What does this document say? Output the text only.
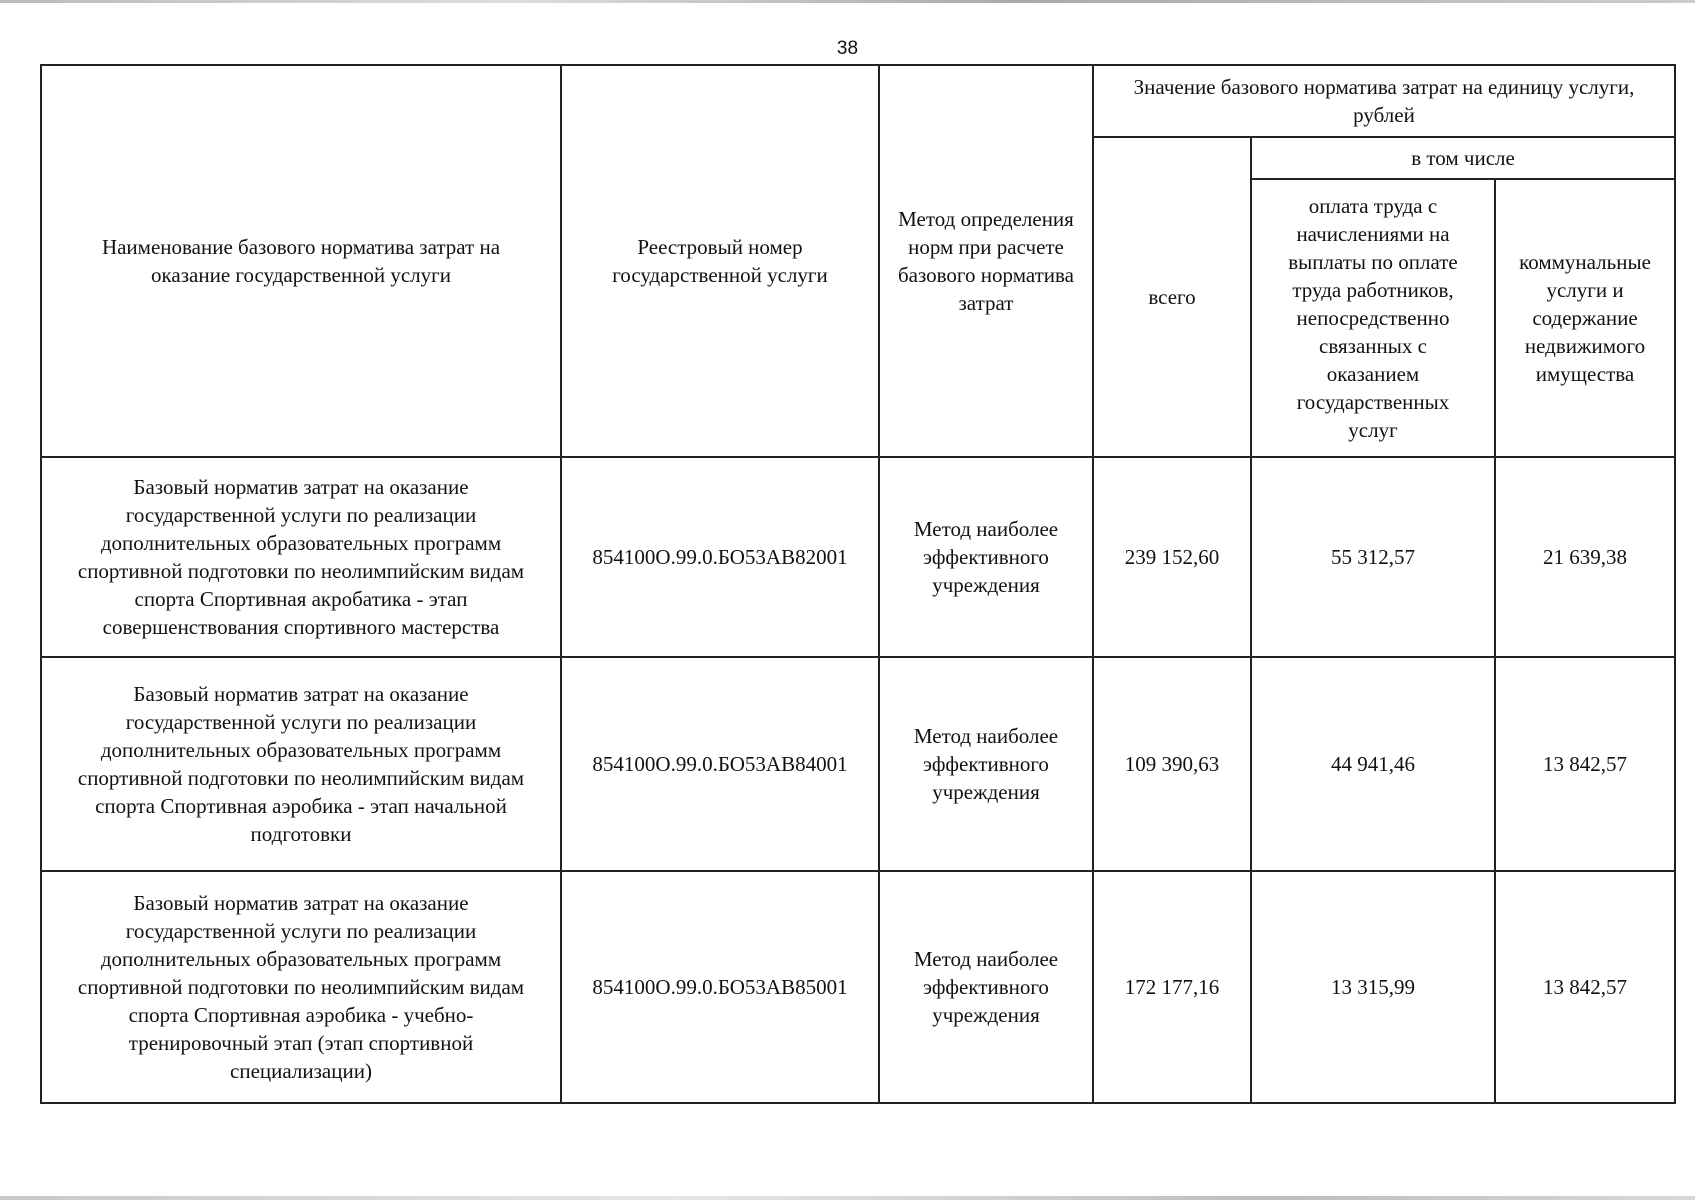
38
Наименование базового норматива затрат на оказание государственной услуги	Реестровый номер государственной услуги	Метод определения норм при расчете базового норматива затрат	Значение базового норматива затрат на единицу услуги, рублей		
			всего	в том числе	
				оплата труда с начислениями на выплаты по оплате труда работников, непосредственно связанных с оказанием государственных услуг	коммунальные услуги и содержание недвижимого имущества
Базовый норматив затрат на оказание государственной услуги по реализации дополнительных образовательных программ спортивной подготовки по неолимпийским видам спорта Спортивная акробатика - этап совершенствования спортивного мастерства	854100О.99.0.БО53АВ82001	Метод наиболее эффективного учреждения	239 152,60	55 312,57	21 639,38
Базовый норматив затрат на оказание государственной услуги по реализации дополнительных образовательных программ спортивной подготовки по неолимпийским видам спорта Спортивная аэробика - этап начальной подготовки	854100О.99.0.БО53АВ84001	Метод наиболее эффективного учреждения	109 390,63	44 941,46	13 842,57
Базовый норматив затрат на оказание государственной услуги по реализации дополнительных образовательных программ спортивной подготовки по неолимпийским видам спорта Спортивная аэробика - учебно-тренировочный этап (этап спортивной специализации)	854100О.99.0.БО53АВ85001	Метод наиболее эффективного учреждения	172 177,16	13 315,99	13 842,57
